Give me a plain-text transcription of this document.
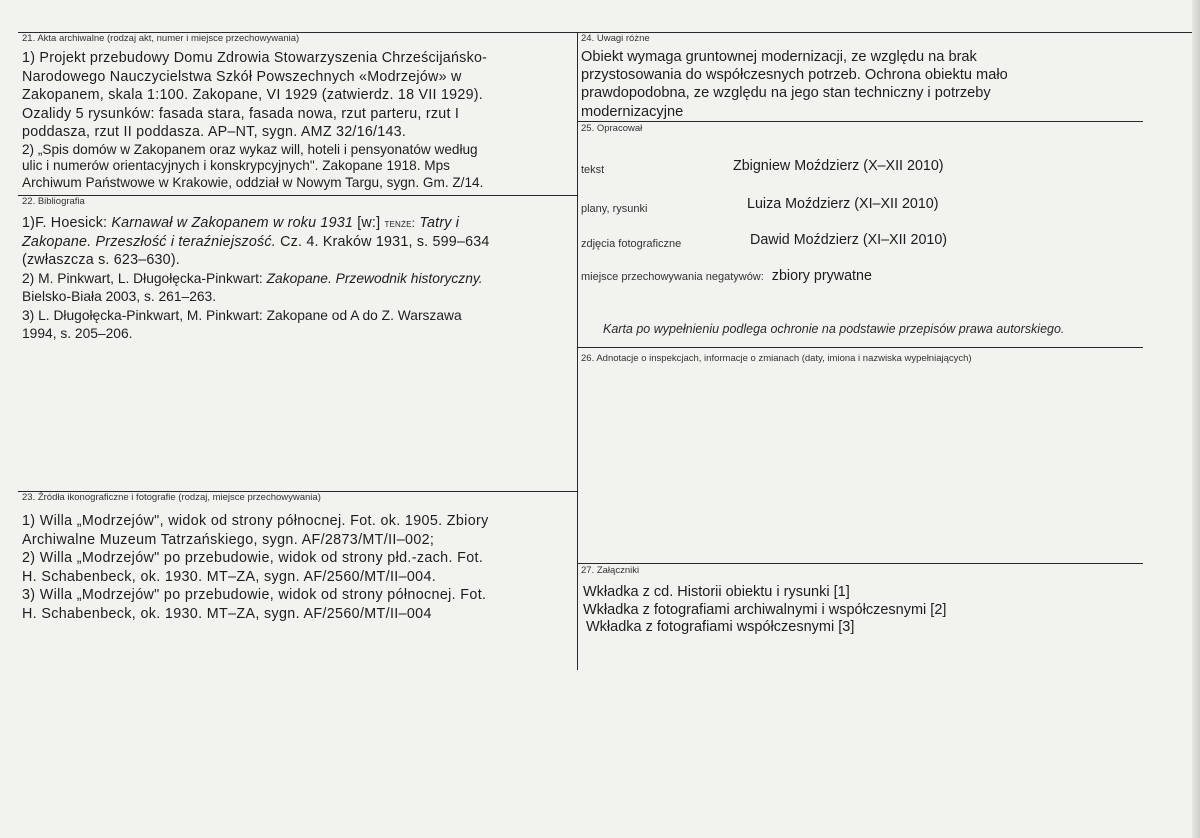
21. Akta archiwalne (rodzaj akt, numer i miejsce przechowywania)

1) Projekt przebudowy Domu Zdrowia Stowarzyszenia Chrześcijańsko-

Narodowego Nauczycielstwa Szkół Powszechnych «Modrzejów» w

Zakopanem, skala 1:100. Zakopane, VI 1929 (zatwierdz. 18 VII 1929).

Ozalidy 5 rysunków: fasada stara, fasada nowa, rzut parteru, rzut I

poddasza, rzut II poddasza. AP–NT, sygn. AMZ 32/16/143.

2) „Spis domów w Zakopanem oraz wykaz will, hoteli i pensyonatów według

ulic i numerów orientacyjnych i konskrypcyjnych". Zakopane 1918. Mps

Archiwum Państwowe w Krakowie, oddział w Nowym Targu, sygn. Gm. Z/14.

22. Bibliografia

1)F. Hoesick: Karnawał w Zakopanem w roku 1931 [w:] tenże: Tatry i

Zakopane. Przeszłość i teraźniejszość. Cz. 4. Kraków 1931, s. 599–634

(zwłaszcza s. 623–630).

2) M. Pinkwart, L. Długołęcka-Pinkwart: Zakopane. Przewodnik historyczny.

Bielsko-Biała 2003, s. 261–263.

3) L. Długołęcka-Pinkwart, M. Pinkwart: Zakopane od A do Z. Warszawa

1994, s. 205–206.

23. Źródła ikonograficzne i fotografie (rodzaj, miejsce przechowywania)

1) Willa „Modrzejów", widok od strony północnej. Fot. ok. 1905. Zbiory

Archiwalne Muzeum Tatrzańskiego, sygn. AF/2873/MT/II–002;

2) Willa „Modrzejów" po przebudowie, widok od strony płd.-zach. Fot.

H. Schabenbeck, ok. 1930. MT–ZA, sygn. AF/2560/MT/II–004.

3) Willa „Modrzejów" po przebudowie, widok od strony północnej. Fot.

H. Schabenbeck, ok. 1930. MT–ZA, sygn. AF/2560/MT/II–004

24. Uwagi różne

Obiekt wymaga gruntownej modernizacji, ze względu na brak

przystosowania do współczesnych potrzeb. Ochrona obiektu mało

prawdopodobna, ze względu na jego stan techniczny i potrzeby

modernizacyjne

25. Opracował
tekst	Zbigniew Moździerz (X–XII 2010)
plany, rysunki	Luiza Moździerz (XI–XII 2010)
zdjęcia fotograficzne	Dawid Moździerz (XI–XII 2010)
miejsce przechowywania negatywów: zbiory prywatne
Karta po wypełnieniu podlega ochronie na podstawie przepisów prawa autorskiego.
26. Adnotacje o inspekcjach, informacje o zmianach (daty, imiona i nazwiska wypełniających)
27. Załączniki

Wkładka z cd. Historii obiektu i rysunki [1]

Wkładka z fotografiami archiwalnymi i współczesnymi [2]

Wkładka z fotografiami współczesnymi [3]
